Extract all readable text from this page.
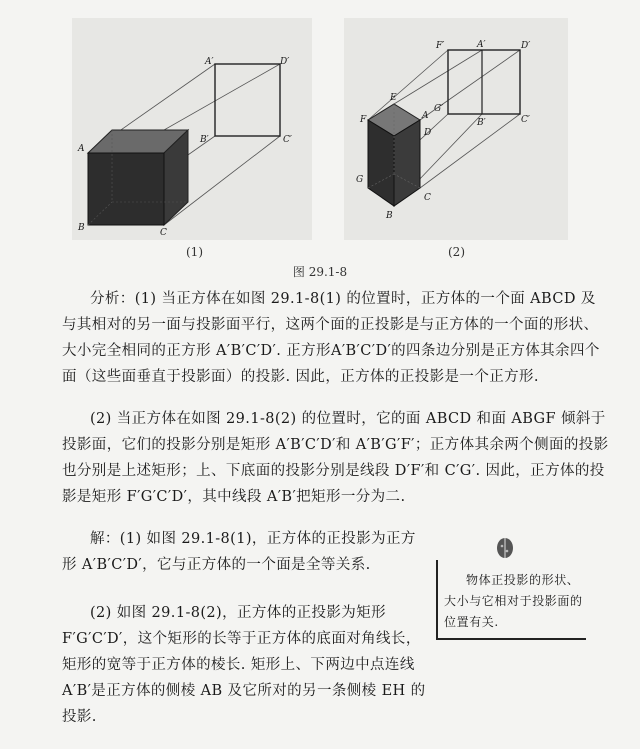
A
B	C
A′	D′
B′	C′
F
E
A
D
G
B
C
F′	A′	D′
G′
B′	C′
(1)	(2)
图 29.1-8

分析：(1) 当正方体在如图 29.1-8(1) 的位置时，正方体的一个面 ABCD 及与其相对的另一面与投影面平行，这两个面的正投影是与正方体的一个面的形状、大小完全相同的正方形 A′B′C′D′. 正方形A′B′C′D′的四条边分别是正方体其余四个面（这些面垂直于投影面）的投影. 因此，正方体的正投影是一个正方形.

(2) 当正方体在如图 29.1-8(2) 的位置时，它的面 ABCD 和面 ABGF 倾斜于投影面，它们的投影分别是矩形 A′B′C′D′和 A′B′G′F′；正方体其余两个侧面的投影也分别是上述矩形；上、下底面的投影分别是线段 D′F′和 C′G′. 因此，正方体的投影是矩形 F′G′C′D′，其中线段 A′B′把矩形一分为二.

解：(1) 如图 29.1-8(1)，正方体的正投影为正方形 A′B′C′D′，它与正方体的一个面是全等关系.

(2) 如图 29.1-8(2)，正方体的正投影为矩形F′G′C′D′，这个矩形的长等于正方体的底面对角线长，矩形的宽等于正方体的棱长. 矩形上、下两边中点连线A′B′是正方体的侧棱 AB 及它所对的另一条侧棱 EH 的投影.

物体正投影的形状、大小与它相对于投影面的位置有关.
